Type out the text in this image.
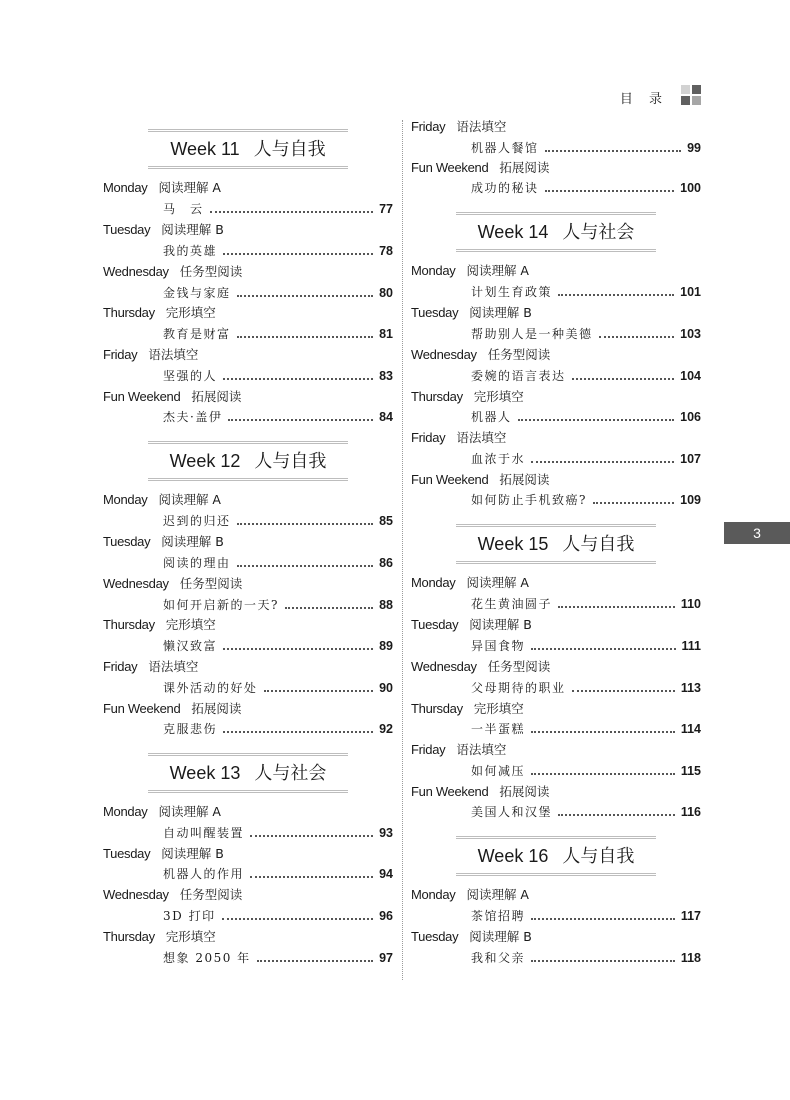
目 录
3
Week 11 人与自我
Monday 阅读理解 A
马　云	77
Tuesday 阅读理解 B
我的英雄	78
Wednesday 任务型阅读
金钱与家庭	80
Thursday 完形填空
教育是财富	81
Friday 语法填空
坚强的人	83
Fun Weekend 拓展阅读
杰夫·盖伊	84
Week 12 人与自我
Monday 阅读理解 A
迟到的归还	85
Tuesday 阅读理解 B
阅读的理由	86
Wednesday 任务型阅读
如何开启新的一天?	88
Thursday 完形填空
懒汉致富	89
Friday 语法填空
课外活动的好处	90
Fun Weekend 拓展阅读
克服悲伤	92
Week 13 人与社会
Monday 阅读理解 A
自动叫醒装置	93
Tuesday 阅读理解 B
机器人的作用	94
Wednesday 任务型阅读
3D 打印	96
Thursday 完形填空
想象 2050 年	97
Friday 语法填空
机器人餐馆	99
Fun Weekend 拓展阅读
成功的秘诀	100
Week 14 人与社会
Monday 阅读理解 A
计划生育政策	101
Tuesday 阅读理解 B
帮助别人是一种美德	103
Wednesday 任务型阅读
委婉的语言表达	104
Thursday 完形填空
机器人	106
Friday 语法填空
血浓于水	107
Fun Weekend 拓展阅读
如何防止手机致癌?	109
Week 15 人与自我
Monday 阅读理解 A
花生黄油圆子	110
Tuesday 阅读理解 B
异国食物	111
Wednesday 任务型阅读
父母期待的职业	113
Thursday 完形填空
一半蛋糕	114
Friday 语法填空
如何减压	115
Fun Weekend 拓展阅读
美国人和汉堡	116
Week 16 人与自我
Monday 阅读理解 A
茶馆招聘	117
Tuesday 阅读理解 B
我和父亲	118
